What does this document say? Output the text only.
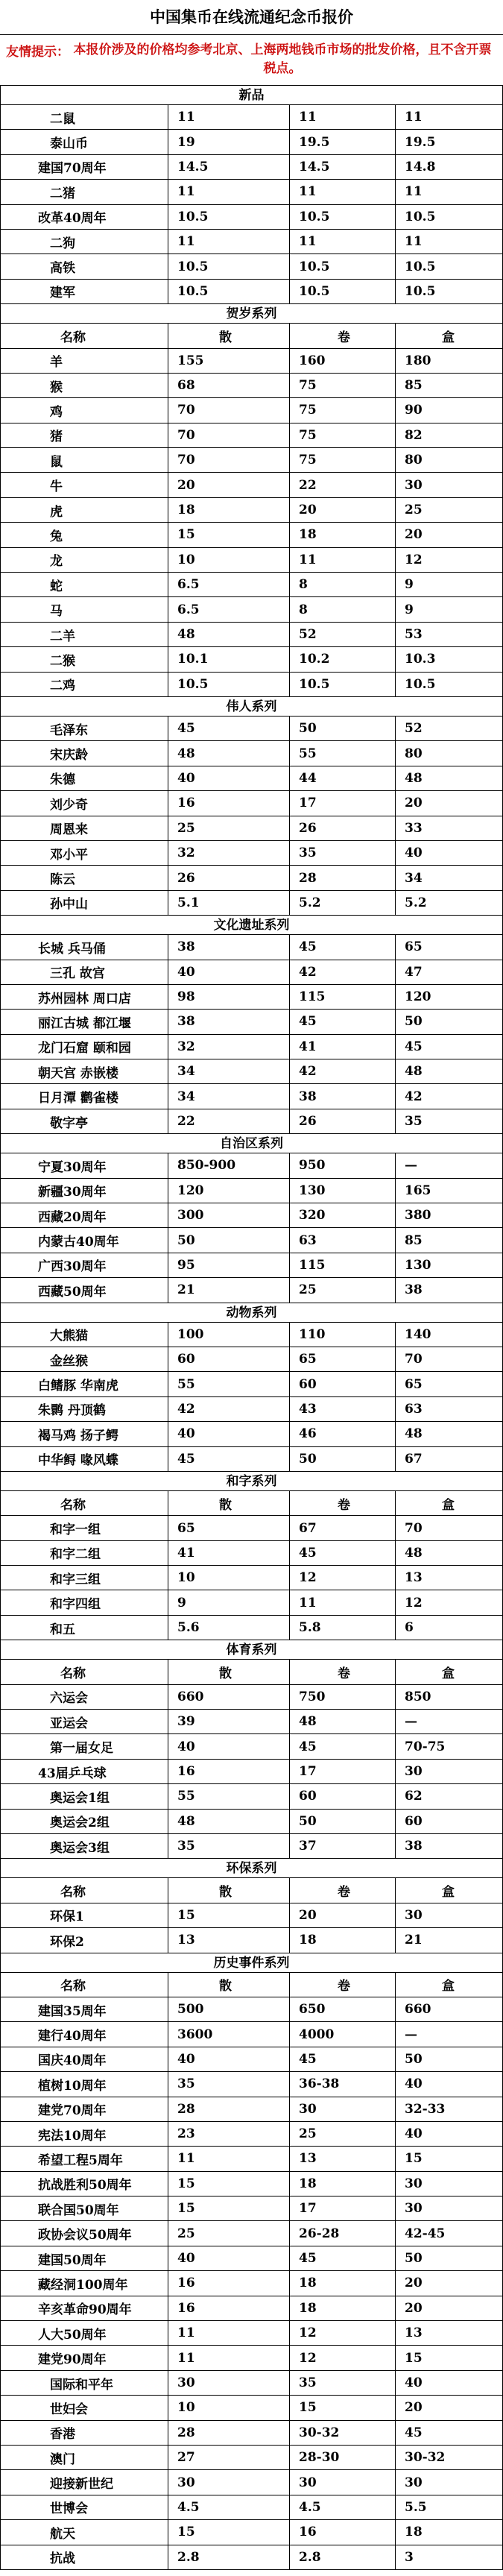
中国集币在线流通纪念币报价
友情提示： 本报价涉及的价格均参考北京、上海两地钱币市场的批发价格，且不含开票税点。
新品
二鼠	11	11	11
泰山币	19	19.5	19.5
建国70周年	14.5	14.5	14.8
二猪	11	11	11
改革40周年	10.5	10.5	10.5
二狗	11	11	11
高铁	10.5	10.5	10.5
建军	10.5	10.5	10.5
贺岁系列
名称	散	卷	盒
羊	155	160	180
猴	68	75	85
鸡	70	75	90
猪	70	75	82
鼠	70	75	80
牛	20	22	30
虎	18	20	25
兔	15	18	20
龙	10	11	12
蛇	6.5	8	9
马	6.5	8	9
二羊	48	52	53
二猴	10.1	10.2	10.3
二鸡	10.5	10.5	10.5
伟人系列
毛泽东	45	50	52
宋庆龄	48	55	80
朱德	40	44	48
刘少奇	16	17	20
周恩来	25	26	33
邓小平	32	35	40
陈云	26	28	34
孙中山	5.1	5.2	5.2
文化遗址系列
长城 兵马俑	38	45	65
三孔 故宫	40	42	47
苏州园林 周口店	98	115	120
丽江古城 都江堰	38	45	50
龙门石窟 颐和园	32	41	45
朝天宫 赤嵌楼	34	42	48
日月潭 鹳雀楼	34	38	42
敬字亭	22	26	35
自治区系列
宁夏30周年	850-900	950	—
新疆30周年	120	130	165
西藏20周年	300	320	380
内蒙古40周年	50	63	85
广西30周年	95	115	130
西藏50周年	21	25	38
动物系列
大熊猫	100	110	140
金丝猴	60	65	70
白鳍豚 华南虎	55	60	65
朱鹮 丹顶鹤	42	43	63
褐马鸡 扬子鳄	40	46	48
中华鲟 喙风蝶	45	50	67
和字系列
名称	散	卷	盒
和字一组	65	67	70
和字二组	41	45	48
和字三组	10	12	13
和字四组	9	11	12
和五	5.6	5.8	6
体育系列
名称	散	卷	盒
六运会	660	750	850
亚运会	39	48	—
第一届女足	40	45	70-75
43届乒乓球	16	17	30
奥运会1组	55	60	62
奥运会2组	48	50	60
奥运会3组	35	37	38
环保系列
名称	散	卷	盒
环保1	15	20	30
环保2	13	18	21
历史事件系列
名称	散	卷	盒
建国35周年	500	650	660
建行40周年	3600	4000	—
国庆40周年	40	45	50
植树10周年	35	36-38	40
建党70周年	28	30	32-33
宪法10周年	23	25	40
希望工程5周年	11	13	15
抗战胜利50周年	15	18	30
联合国50周年	15	17	30
政协会议50周年	25	26-28	42-45
建国50周年	40	45	50
藏经洞100周年	16	18	20
辛亥革命90周年	16	18	20
人大50周年	11	12	13
建党90周年	11	12	15
国际和平年	30	35	40
世妇会	10	15	20
香港	28	30-32	45
澳门	27	28-30	30-32
迎接新世纪	30	30	30
世博会	4.5	4.5	5.5
航天	15	16	18
抗战	2.8	2.8	3
